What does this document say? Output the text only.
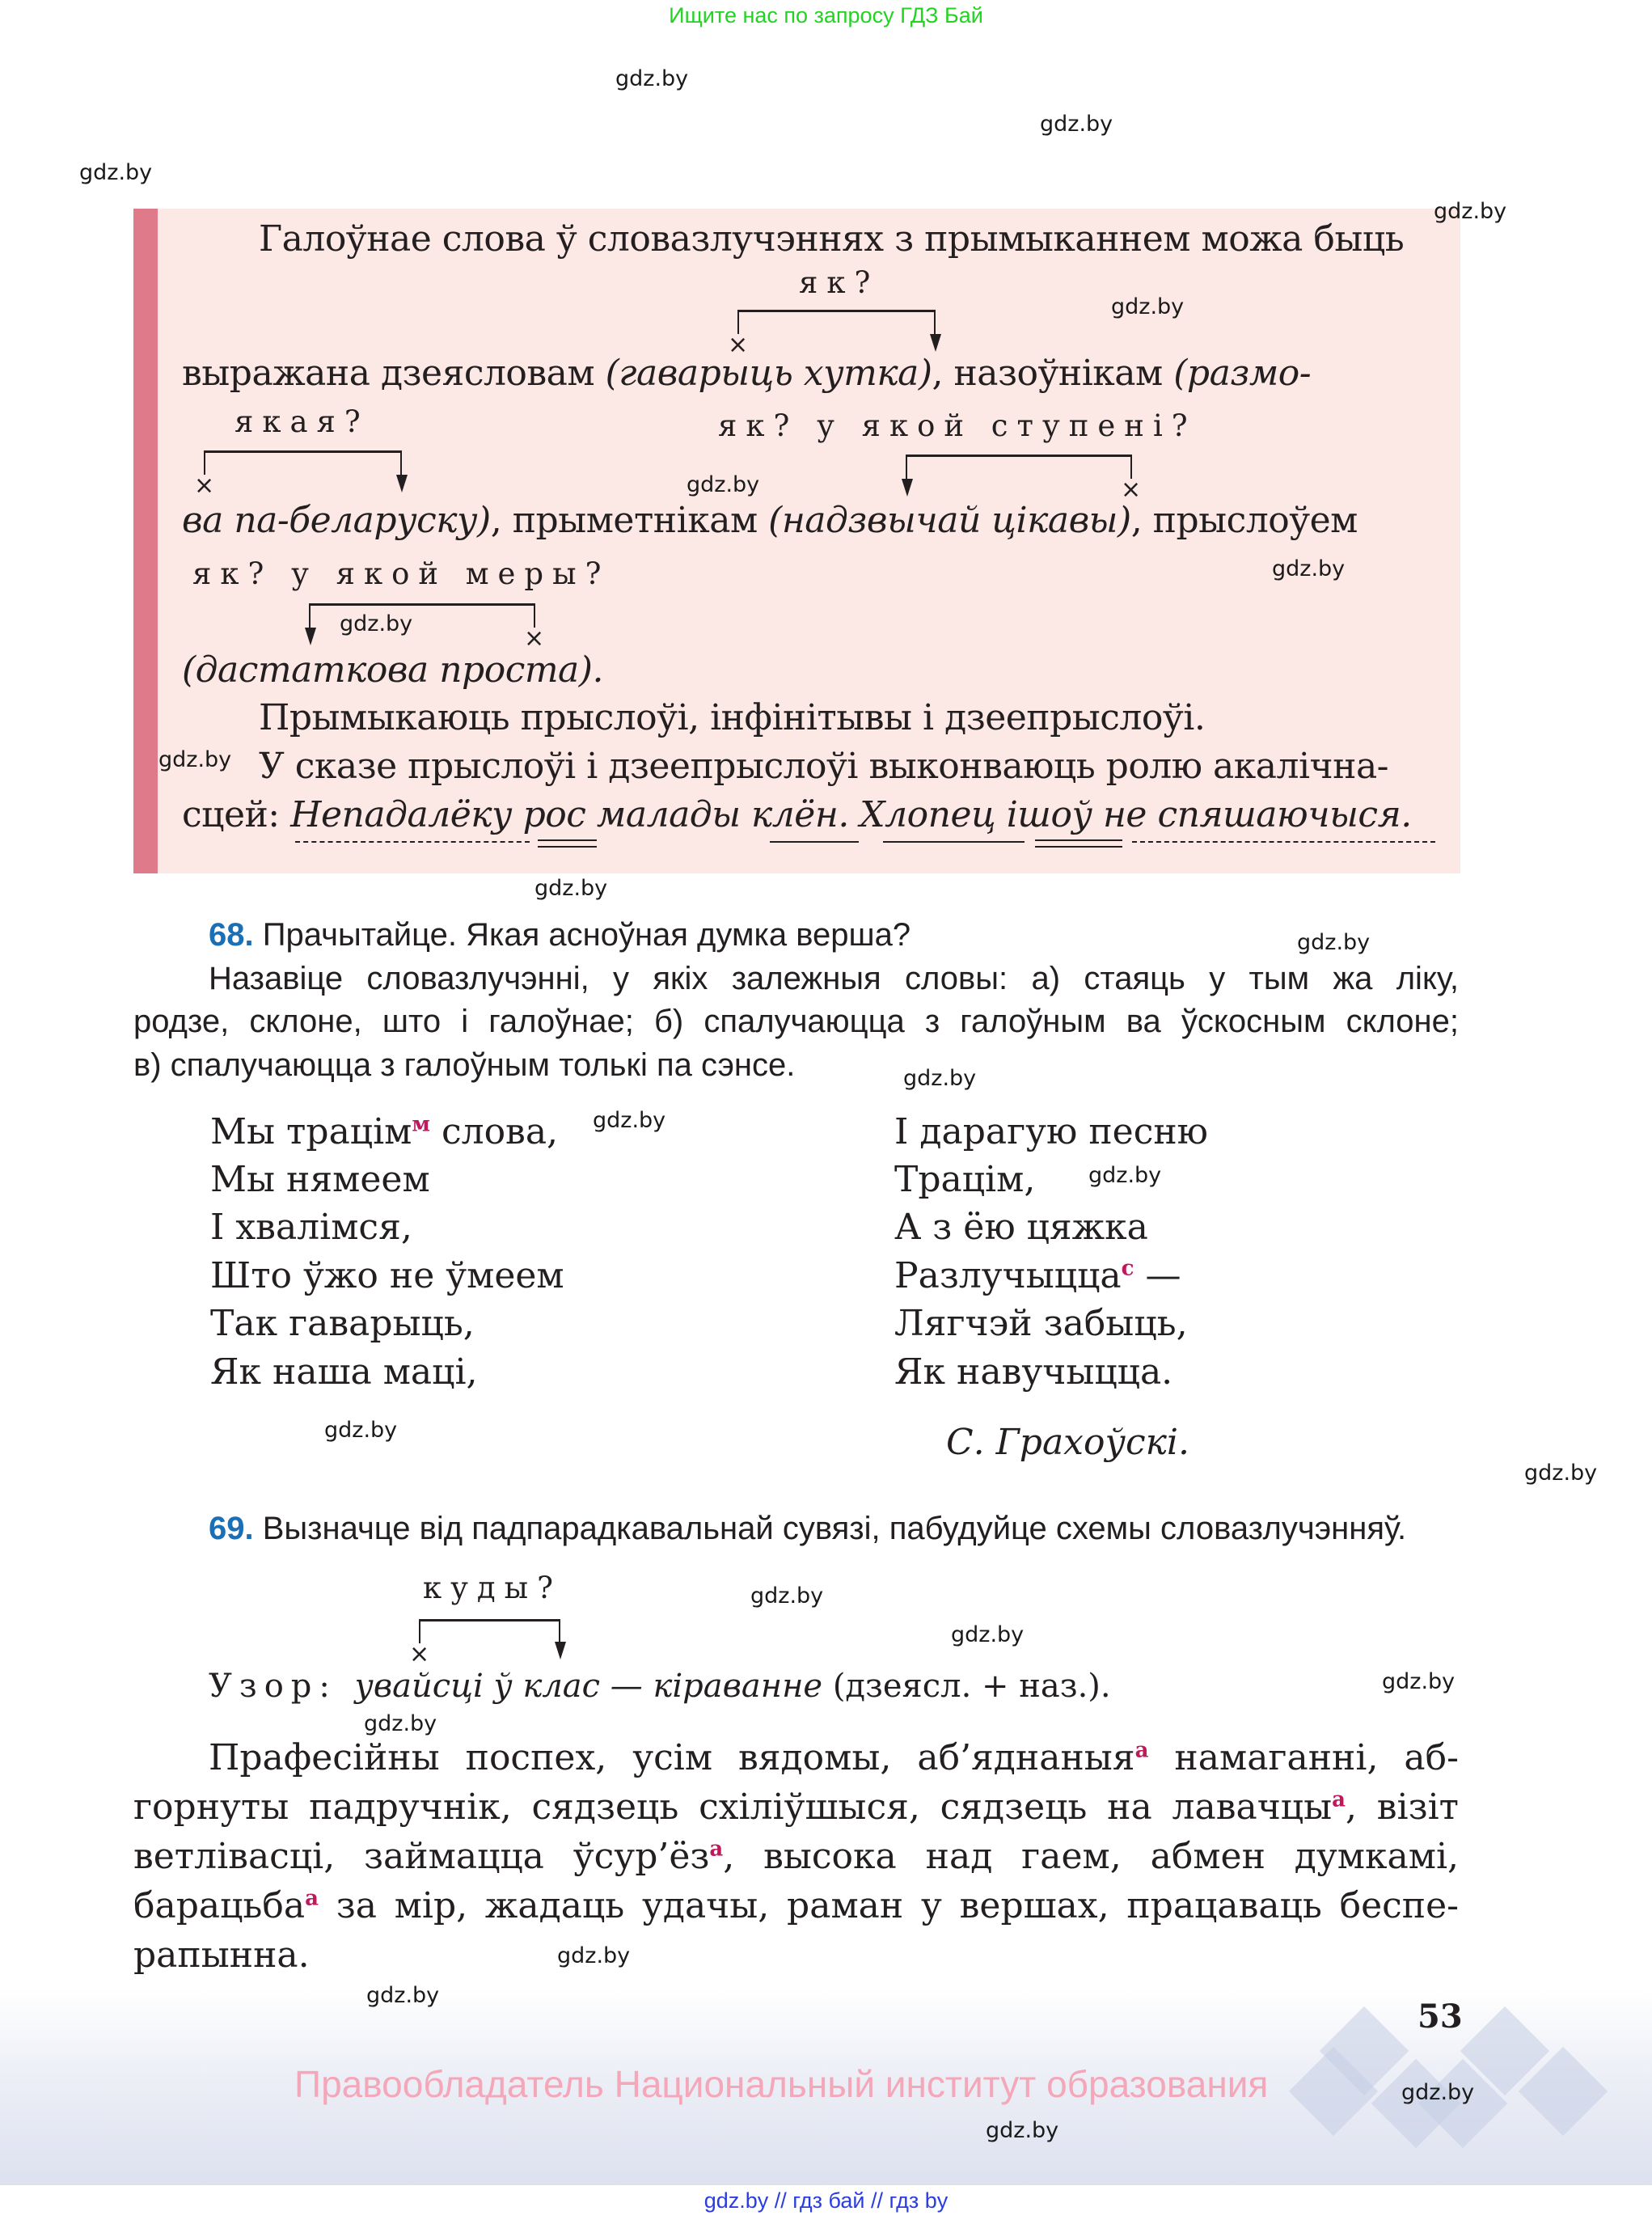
Ищите нас по запросу ГДЗ Бай
gdz.by
gdz.by
gdz.by
gdz.by
Галоўнае слова ў словазлучэннях з прымыканнем можа быць
як?
×
gdz.by
выражана дзеясловам (гаварыць хутка), назоўнікам (размо-
якая?
×
як? у якой ступені?
×
gdz.by
ва па-беларуску), прыметнікам (надзвычай цікавы), прыслоўем
як? у якой меры?	gdz.by
×
gdz.by
(дастаткова проста).
Прымыкаюць прыслоўі, інфінітывы і дзеепрыслоўі.
gdz.by У сказе прыслоўі і дзеепрыслоўі выконваюць ролю акалічна-
сцей: Непадалёку рос малады клён. Хлопец ішоў не спяшаючыся.
gdz.by
68. Прачытайце. Якая асноўная думка верша?	gdz.by
Назавіце словазлучэнні, у якіх залежныя словы: а) стаяць у тым жа ліку,
родзе, склоне, што і галоўнае; б) спалучаюцца з галоўным ва ўскосным склоне;
в) спалучаюцца з галоўным толькі па сэнсе.	gdz.by
Мы трацім$^м$ слова, gdz.by
Мы нямеем
І хвалімся,
Што ўжо не ўмеем
Так гаварыць,
Як наша маці,
gdz.by
І дарагую песню
Трацім, gdz.by
А з ёю цяжка
Разлучыцца$^с$ —
Лягчэй забыць,
Як навучыцца.
С. Грахоўскі.
gdz.by
69. Вызначце від падпарадкавальнай сувязі, пабудуйце схемы словазлучэнняў.
куды?	gdz.by
×
gdz.by
Узор: увайсці ў клас — кіраванне (дзеясл. + наз.).	gdz.by
gdz.by
Прафесійны поспех, усім вядомы, аб’яднаныя$^а$ намаганні, аб-
горнуты падручнік, сядзець схіліўшыся, сядзець на лавачцы$^а$, візіт
ветлівасці, займацца $ўсур’ёз^а$, высока над гаем, абмен думкамі,
барацьба$^а$ за мір, жадаць удачы, раман у вершах, працаваць беспе-
рапынна.	gdz.by
gdz.by
53
Правообладатель Национальный институт образования	gdz.by
gdz.by
gdz.by // гдз бай // гдз by
